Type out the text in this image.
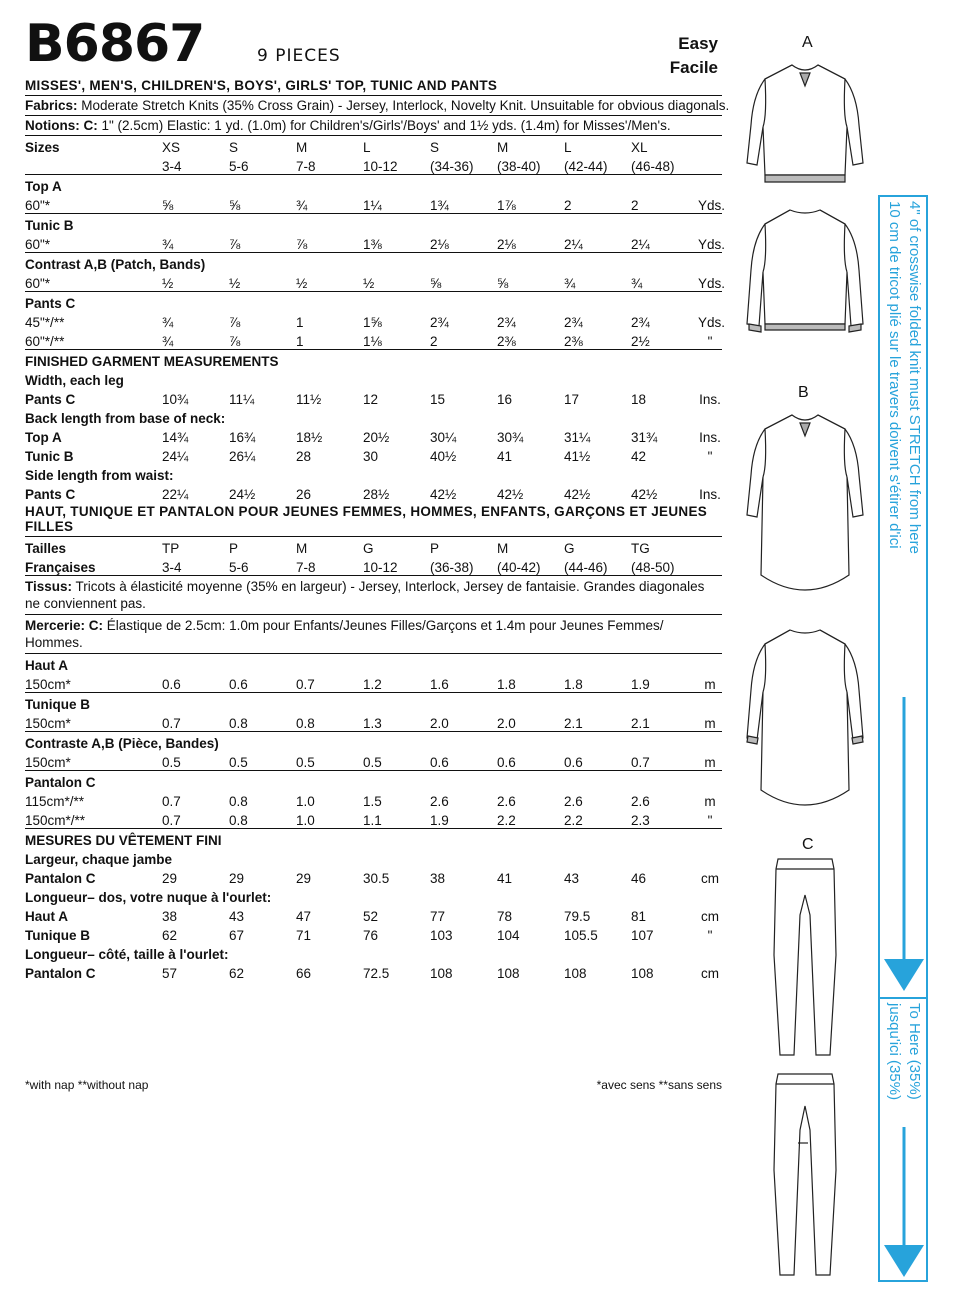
B6867	9 PIECES
Easy
Facile
MISSES', MEN'S, CHILDREN'S, BOYS', GIRLS' TOP, TUNIC AND PANTS
Fabrics: Moderate Stretch Knits (35% Cross Grain) - Jersey, Interlock, Novelty Knit. Unsuitable for obvious diagonals.
Notions: C: 1" (2.5cm) Elastic: 1 yd. (1.0m) for Children's/Girls'/Boys' and 1½ yds. (1.4m) for Misses'/Men's.
Sizes	XS	S	M	L	S	M	L	XL	
	3-4	5-6	7-8	10-12	(34-36)	(38-40)	(42-44)	(46-48)	
Top A									
60"*	⅝	⅝	¾	1¼	1¾	1⅞	2	2	Yds.
Tunic B									
60"*	¾	⅞	⅞	1⅜	2⅛	2⅛	2¼	2¼	Yds.
Contrast A,B (Patch, Bands)									
60"*	½	½	½	½	⅝	⅝	¾	¾	Yds.
Pants C									
45"*/**	¾	⅞	1	1⅝	2¾	2¾	2¾	2¾	Yds.
60"*/**	¾	⅞	1	1⅛	2	2⅜	2⅜	2½	"
FINISHED GARMENT MEASUREMENTS									
Width, each leg									
Pants C	10¾	11¼	11½	12	15	16	17	18	Ins.
Back length from base of neck:									
Top A	14¾	16¾	18½	20½	30¼	30¾	31¼	31¾	Ins.
Tunic B	24¼	26¼	28	30	40½	41	41½	42	"
Side length from waist:									
Pants C	22¼	24½	26	28½	42½	42½	42½	42½	Ins.
HAUT, TUNIQUE ET PANTALON POUR JEUNES FEMMES, HOMMES, ENFANTS, GARÇONS ET JEUNES FILLES
Tailles	TP	P	M	G	P	M	G	TG	
Françaises	3-4	5-6	7-8	10-12	(36-38)	(40-42)	(44-46)	(48-50)	
Tissus: Tricots à élasticité moyenne (35% en largeur) - Jersey, Interlock, Jersey de fantaisie. Grandes diagonales ne conviennent pas.
Mercerie: C: Élastique de 2.5cm: 1.0m pour Enfants/Jeunes Filles/Garçons et 1.4m pour Jeunes Femmes/ Hommes.
Haut A									
150cm*	0.6	0.6	0.7	1.2	1.6	1.8	1.8	1.9	m
Tunique B									
150cm*	0.7	0.8	0.8	1.3	2.0	2.0	2.1	2.1	m
Contraste A,B (Pièce, Bandes)									
150cm*	0.5	0.5	0.5	0.5	0.6	0.6	0.6	0.7	m
Pantalon C									
115cm*/**	0.7	0.8	1.0	1.5	2.6	2.6	2.6	2.6	m
150cm*/**	0.7	0.8	1.0	1.1	1.9	2.2	2.2	2.3	"
MESURES DU VÊTEMENT FINI									
Largeur, chaque jambe									
Pantalon C	29	29	29	30.5	38	41	43	46	cm
Longueur– dos, votre nuque à l'ourlet:									
Haut A	38	43	47	52	77	78	79.5	81	cm
Tunique B	62	67	71	76	103	104	105.5	107	"
Longueur– côté, taille à l'ourlet:									
Pantalon C	57	62	66	72.5	108	108	108	108	cm
*with nap **without nap	*avec sens **sans sens
A
B
C
4" of crosswise folded knit must STRETCH from here
10 cm de tricot plié sur le travers doivent s'étirer d'ici
To Here (35%)
jusqu'ici (35%)
